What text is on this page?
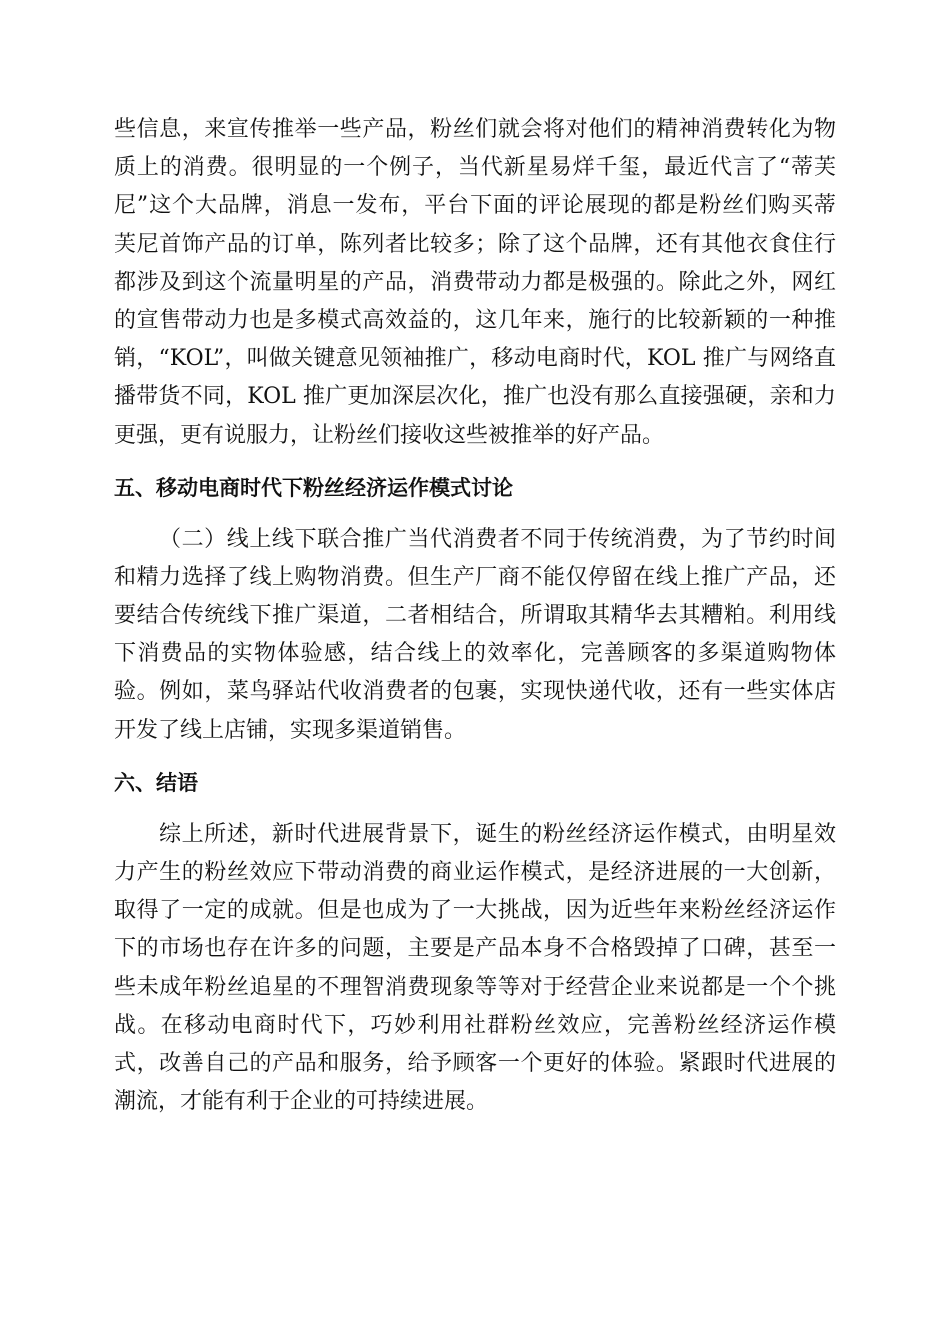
些信息，来宣传推举一些产品，粉丝们就会将对他们的精神消费转化为物
质上的消费。很明显的一个例子，当代新星易烊千玺，最近代言了“蒂芙
尼”这个大品牌，消息一发布，平台下面的评论展现的都是粉丝们购买蒂
芙尼首饰产品的订单，陈列者比较多；除了这个品牌，还有其他衣食住行
都涉及到这个流量明星的产品，消费带动力都是极强的。除此之外，网红
的宣售带动力也是多模式高效益的，这几年来，施行的比较新颖的一种推
销，“KOL”，叫做关键意见领袖推广，移动电商时代，KOL 推广与网络直
播带货不同，KOL 推广更加深层次化，推广也没有那么直接强硬，亲和力
更强，更有说服力，让粉丝们接收这些被推举的好产品。
五、移动电商时代下粉丝经济运作模式讨论
（二）线上线下联合推广当代消费者不同于传统消费，为了节约时间
和精力选择了线上购物消费。但生产厂商不能仅停留在线上推广产品，还
要结合传统线下推广渠道，二者相结合，所谓取其精华去其糟粕。利用线
下消费品的实物体验感，结合线上的效率化，完善顾客的多渠道购物体
验。例如，菜鸟驿站代收消费者的包裹，实现快递代收，还有一些实体店
开发了线上店铺，实现多渠道销售。
六、结语
综上所述，新时代进展背景下，诞生的粉丝经济运作模式，由明星效
力产生的粉丝效应下带动消费的商业运作模式，是经济进展的一大创新，
取得了一定的成就。但是也成为了一大挑战，因为近些年来粉丝经济运作
下的市场也存在许多的问题，主要是产品本身不合格毁掉了口碑，甚至一
些未成年粉丝追星的不理智消费现象等等对于经营企业来说都是一个个挑
战。在移动电商时代下，巧妙利用社群粉丝效应，完善粉丝经济运作模
式，改善自己的产品和服务，给予顾客一个更好的体验。紧跟时代进展的
潮流，才能有利于企业的可持续进展。
